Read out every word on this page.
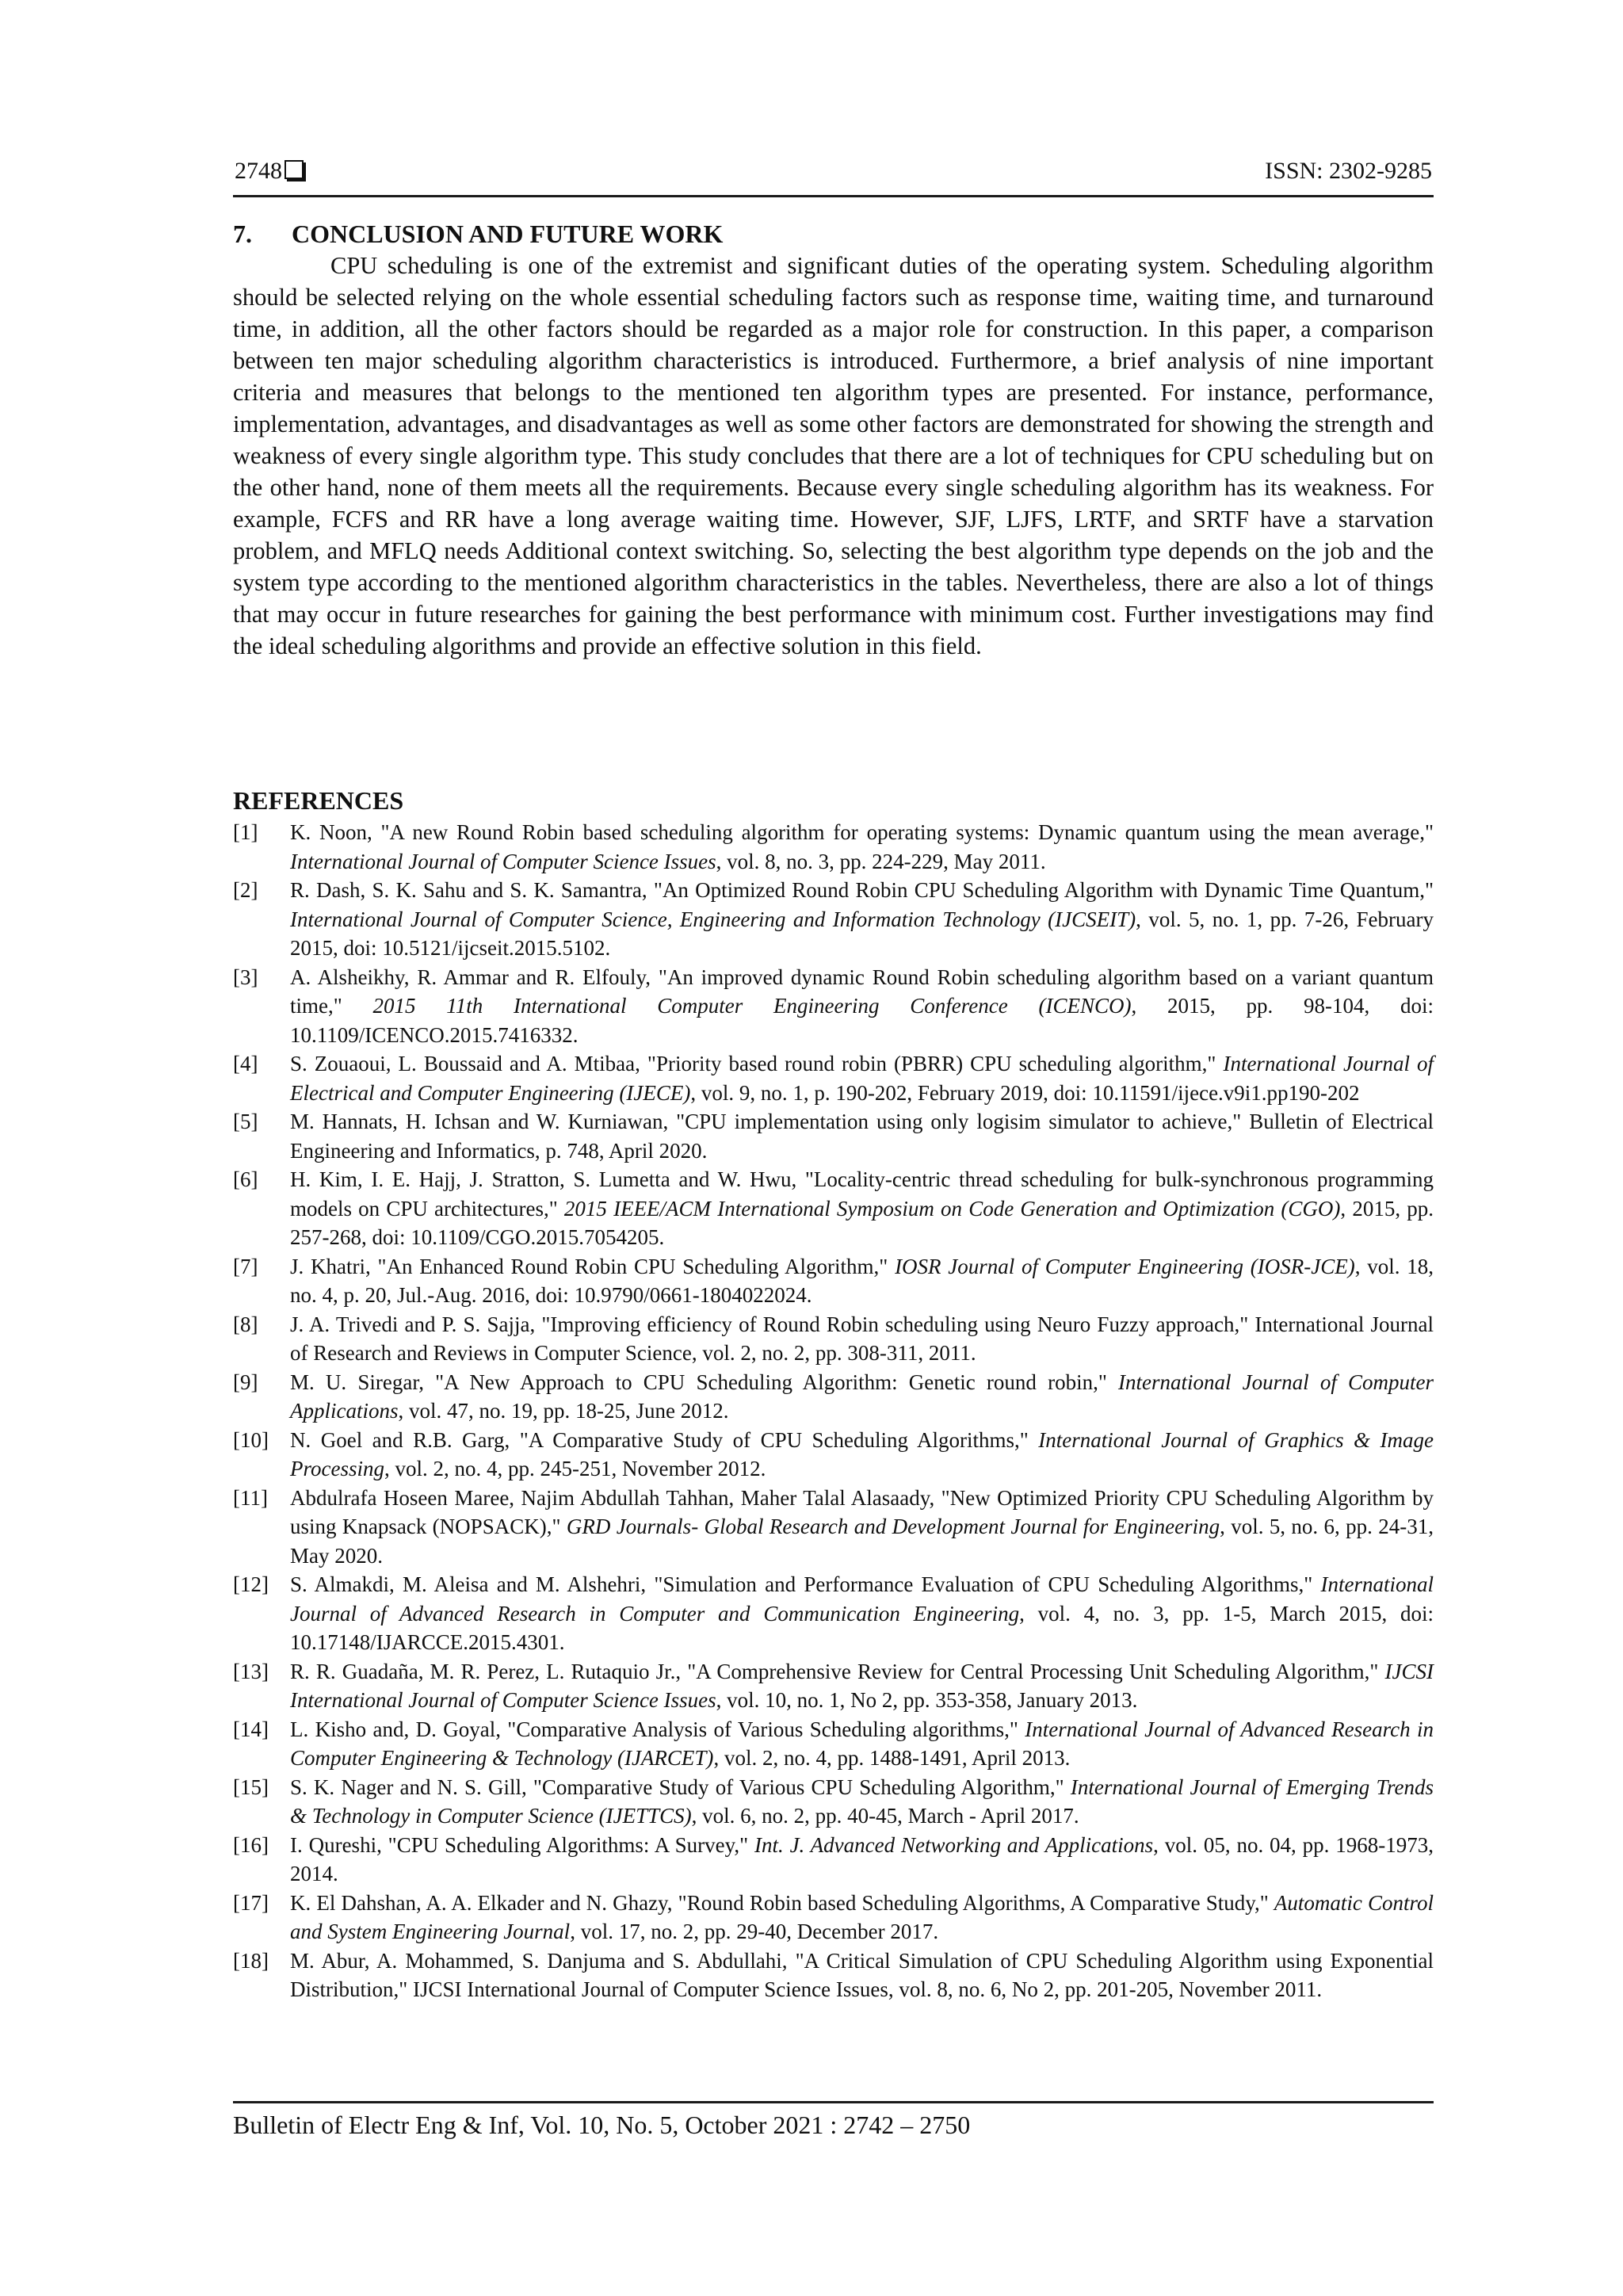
2748	ISSN: 2302-9285
7. CONCLUSION AND FUTURE WORK

CPU scheduling is one of the extremist and significant duties of the operating system. Scheduling algorithm should be selected relying on the whole essential scheduling factors such as response time, waiting time, and turnaround time, in addition, all the other factors should be regarded as a major role for construction. In this paper, a comparison between ten major scheduling algorithm characteristics is introduced. Furthermore, a brief analysis of nine important criteria and measures that belongs to the mentioned ten algorithm types are presented. For instance, performance, implementation, advantages, and disadvantages as well as some other factors are demonstrated for showing the strength and weakness of every single algorithm type. This study concludes that there are a lot of techniques for CPU scheduling but on the other hand, none of them meets all the requirements. Because every single scheduling algorithm has its weakness. For example, FCFS and RR have a long average waiting time. However, SJF, LJFS, LRTF, and SRTF have a starvation problem, and MFLQ needs Additional context switching. So, selecting the best algorithm type depends on the job and the system type according to the mentioned algorithm characteristics in the tables. Nevertheless, there are also a lot of things that may occur in future researches for gaining the best performance with minimum cost. Further investigations may find the ideal scheduling algorithms and provide an effective solution in this field.

REFERENCES
[1] K. Noon, "A new Round Robin based scheduling algorithm for operating systems: Dynamic quantum using the mean average," International Journal of Computer Science Issues, vol. 8, no. 3, pp. 224-229, May 2011.
[2] R. Dash, S. K. Sahu and S. K. Samantra, "An Optimized Round Robin CPU Scheduling Algorithm with Dynamic Time Quantum," International Journal of Computer Science, Engineering and Information Technology (IJCSEIT), vol. 5, no. 1, pp. 7-26, February 2015, doi: 10.5121/ijcseit.2015.5102.
[3] A. Alsheikhy, R. Ammar and R. Elfouly, "An improved dynamic Round Robin scheduling algorithm based on a variant quantum time," 2015 11th International Computer Engineering Conference (ICENCO), 2015, pp. 98-104, doi: 10.1109/ICENCO.2015.7416332.
[4] S. Zouaoui, L. Boussaid and A. Mtibaa, "Priority based round robin (PBRR) CPU scheduling algorithm," International Journal of Electrical and Computer Engineering (IJECE), vol. 9, no. 1, p. 190-202, February 2019, doi: 10.11591/ijece.v9i1.pp190-202
[5] M. Hannats, H. Ichsan and W. Kurniawan, "CPU implementation using only logisim simulator to achieve," Bulletin of Electrical Engineering and Informatics, p. 748, April 2020.
[6] H. Kim, I. E. Hajj, J. Stratton, S. Lumetta and W. Hwu, "Locality-centric thread scheduling for bulk-synchronous programming models on CPU architectures," 2015 IEEE/ACM International Symposium on Code Generation and Optimization (CGO), 2015, pp. 257-268, doi: 10.1109/CGO.2015.7054205.
[7] J. Khatri, "An Enhanced Round Robin CPU Scheduling Algorithm," IOSR Journal of Computer Engineering (IOSR-JCE), vol. 18, no. 4, p. 20, Jul.-Aug. 2016, doi: 10.9790/0661-1804022024.
[8] J. A. Trivedi and P. S. Sajja, "Improving efficiency of Round Robin scheduling using Neuro Fuzzy approach," International Journal of Research and Reviews in Computer Science, vol. 2, no. 2, pp. 308-311, 2011.
[9] M. U. Siregar, "A New Approach to CPU Scheduling Algorithm: Genetic round robin," International Journal of Computer Applications, vol. 47, no. 19, pp. 18-25, June 2012.
[10] N. Goel and R.B. Garg, "A Comparative Study of CPU Scheduling Algorithms," International Journal of Graphics & Image Processing, vol. 2, no. 4, pp. 245-251, November 2012.
[11] Abdulrafa Hoseen Maree, Najim Abdullah Tahhan, Maher Talal Alasaady, "New Optimized Priority CPU Scheduling Algorithm by using Knapsack (NOPSACK)," GRD Journals- Global Research and Development Journal for Engineering, vol. 5, no. 6, pp. 24-31, May 2020.
[12] S. Almakdi, M. Aleisa and M. Alshehri, "Simulation and Performance Evaluation of CPU Scheduling Algorithms," International Journal of Advanced Research in Computer and Communication Engineering, vol. 4, no. 3, pp. 1-5, March 2015, doi: 10.17148/IJARCCE.2015.4301.
[13] R. R. Guadaña, M. R. Perez, L. Rutaquio Jr., "A Comprehensive Review for Central Processing Unit Scheduling Algorithm," IJCSI International Journal of Computer Science Issues, vol. 10, no. 1, No 2, pp. 353-358, January 2013.
[14] L. Kisho and, D. Goyal, "Comparative Analysis of Various Scheduling algorithms," International Journal of Advanced Research in Computer Engineering & Technology (IJARCET), vol. 2, no. 4, pp. 1488-1491, April 2013.
[15] S. K. Nager and N. S. Gill, "Comparative Study of Various CPU Scheduling Algorithm," International Journal of Emerging Trends & Technology in Computer Science (IJETTCS), vol. 6, no. 2, pp. 40-45, March - April 2017.
[16] I. Qureshi, "CPU Scheduling Algorithms: A Survey," Int. J. Advanced Networking and Applications, vol. 05, no. 04, pp. 1968-1973, 2014.
[17] K. El Dahshan, A. A. Elkader and N. Ghazy, "Round Robin based Scheduling Algorithms, A Comparative Study," Automatic Control and System Engineering Journal, vol. 17, no. 2, pp. 29-40, December 2017.
[18] M. Abur, A. Mohammed, S. Danjuma and S. Abdullahi, "A Critical Simulation of CPU Scheduling Algorithm using Exponential Distribution," IJCSI International Journal of Computer Science Issues, vol. 8, no. 6, No 2, pp. 201-205, November 2011.
Bulletin of Electr Eng & Inf, Vol. 10, No. 5, October 2021 : 2742 – 2750
